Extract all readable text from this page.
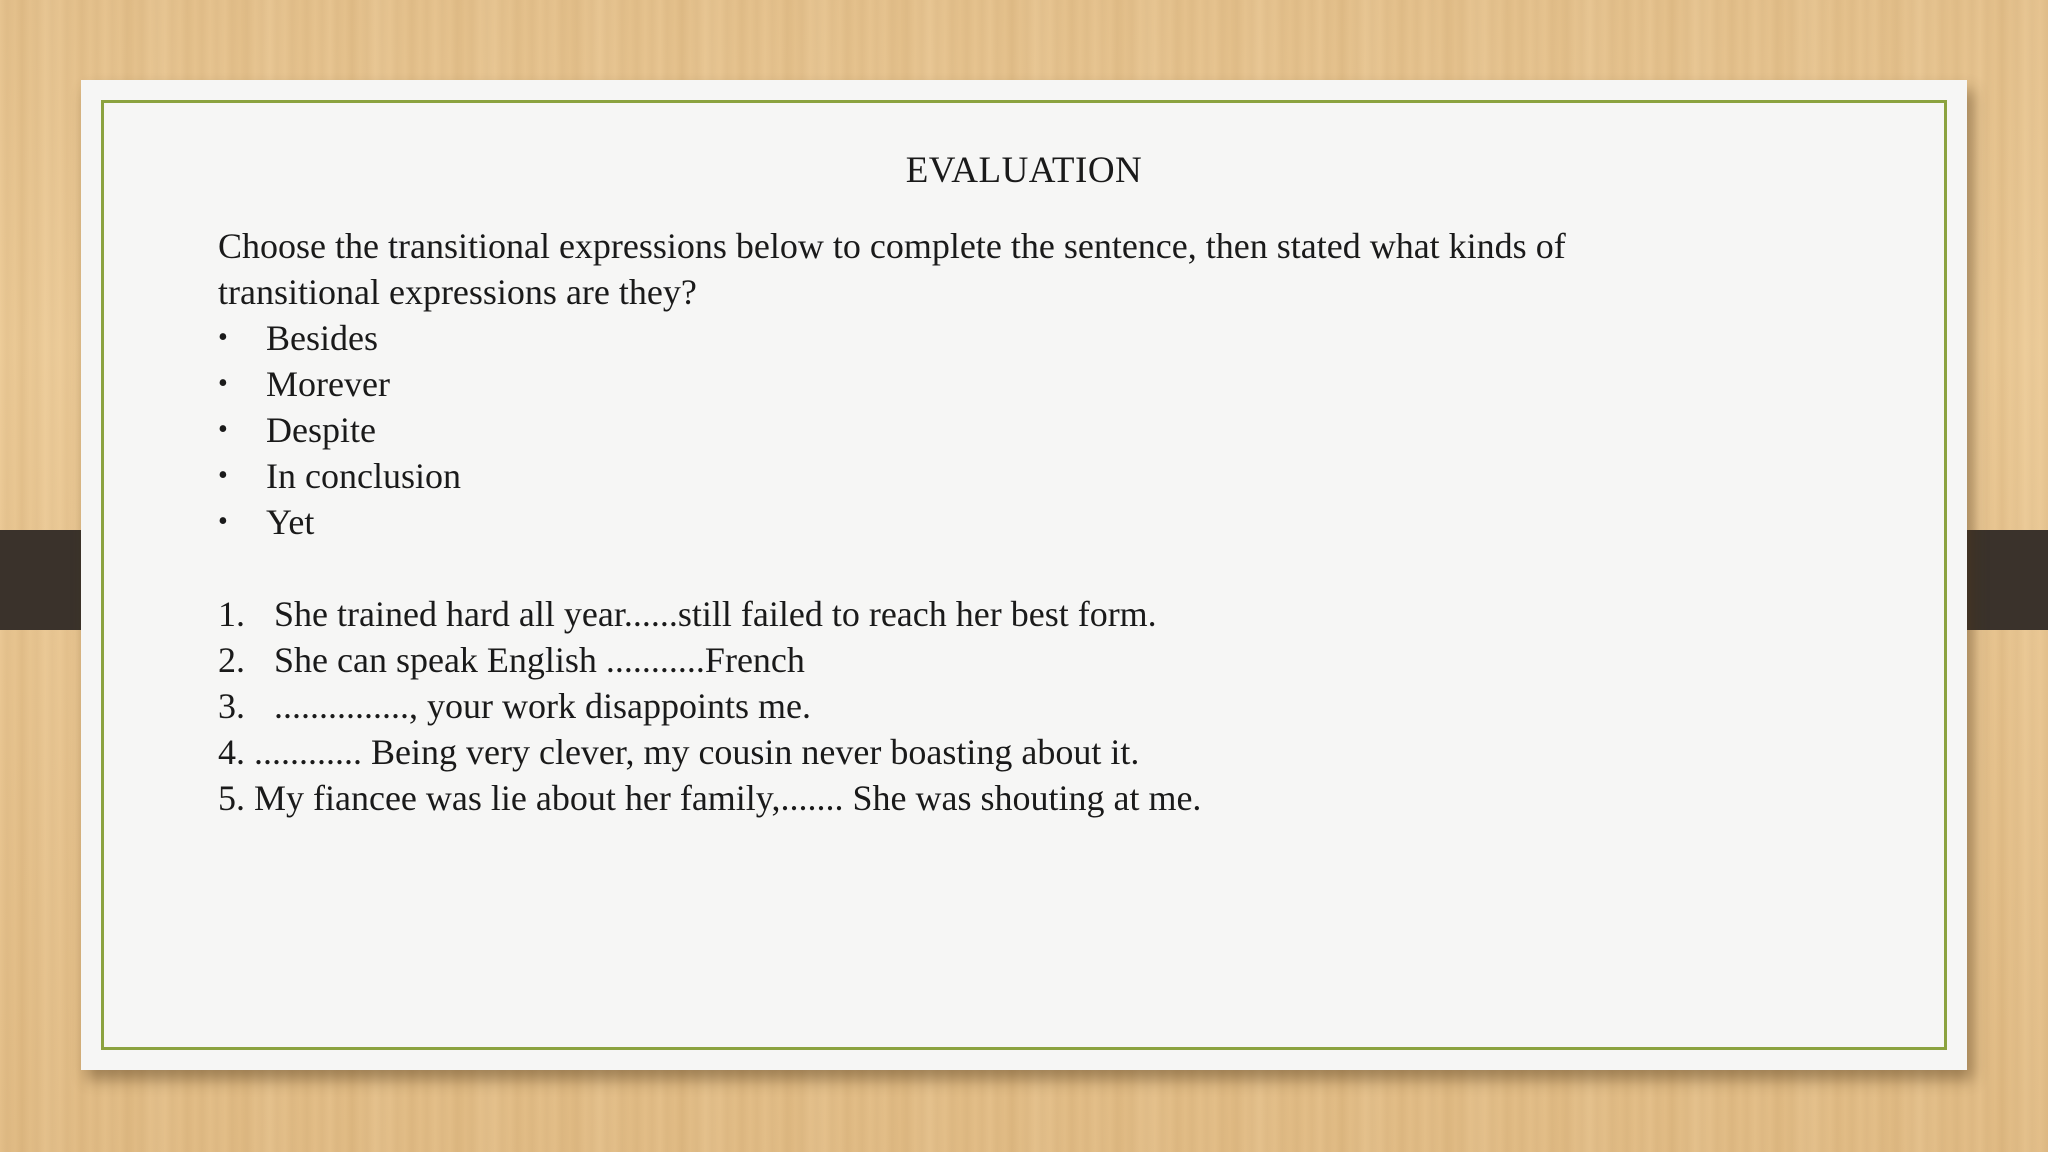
EVALUATION

Choose the transitional expressions below to complete the sentence, then stated what kinds of transitional expressions are they?

• Besides
• Morever
• Despite
• In conclusion
• Yet

1. She trained hard all year......still failed to reach her best form.

2. She can speak English ...........French

3. ..............., your work disappoints me.

4. ............ Being very clever, my cousin never boasting about it.

5. My fiancee was lie about her family,....... She was shouting at me.
